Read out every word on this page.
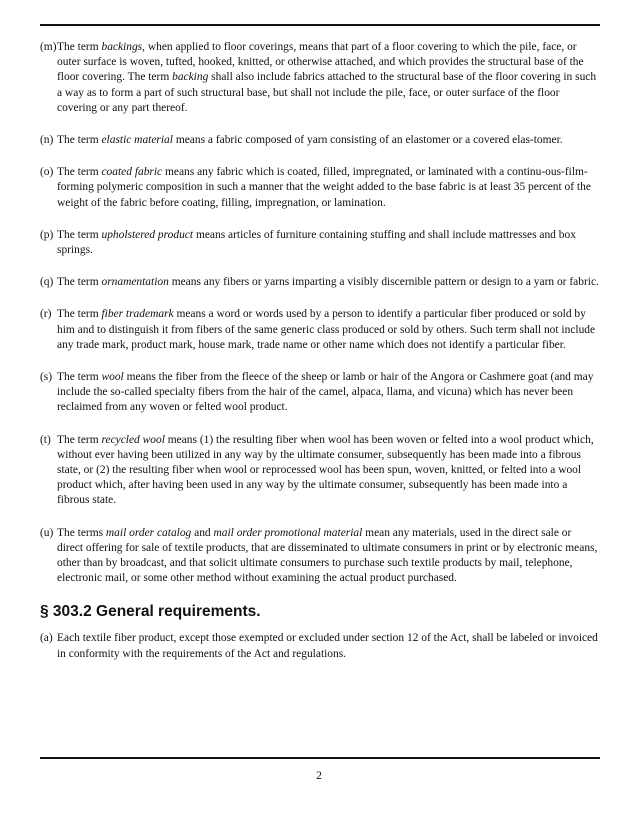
(m)The term backings, when applied to floor coverings, means that part of a floor covering to which the pile, face, or outer surface is woven, tufted, hooked, knitted, or otherwise attached, and which provides the structural base of the floor covering. The term backing shall also include fabrics attached to the structural base of the floor covering in such a way as to form a part of such structural base, but shall not include the pile, face, or outer surface of the floor covering or any part thereof.

(n) The term elastic material means a fabric composed of yarn consisting of an elastomer or a covered elas-tomer.

(o) The term coated fabric means any fabric which is coated, filled, impregnated, or laminated with a continu-ous-film-forming polymeric composition in such a manner that the weight added to the base fabric is at least 35 percent of the weight of the fabric before coating, filling, impregnation, or lamination.

(p) The term upholstered product means articles of furniture containing stuffing and shall include mattresses and box springs.

(q) The term ornamentation means any fibers or yarns imparting a visibly discernible pattern or design to a yarn or fabric.

(r) The term fiber trademark means a word or words used by a person to identify a particular fiber produced or sold by him and to distinguish it from fibers of the same generic class produced or sold by others. Such term shall not include any trade mark, product mark, house mark, trade name or other name which does not identify a particular fiber.

(s) The term wool means the fiber from the fleece of the sheep or lamb or hair of the Angora or Cashmere goat (and may include the so-called specialty fibers from the hair of the camel, alpaca, llama, and vicuna) which has never been reclaimed from any woven or felted wool product.

(t) The term recycled wool means (1) the resulting fiber when wool has been woven or felted into a wool product which, without ever having been utilized in any way by the ultimate consumer, subsequently has been made into a fibrous state, or (2) the resulting fiber when wool or reprocessed wool has been spun, woven, knitted, or felted into a wool product which, after having been used in any way by the ultimate consumer, subsequently has been made into a fibrous state.

(u) The terms mail order catalog and mail order promotional material mean any materials, used in the direct sale or direct offering for sale of textile products, that are disseminated to ultimate consumers in print or by electronic means, other than by broadcast, and that solicit ultimate consumers to purchase such textile products by mail, telephone, electronic mail, or some other method without examining the actual product purchased.

§ 303.2 General requirements.

(a) Each textile fiber product, except those exempted or excluded under section 12 of the Act, shall be labeled or invoiced in conformity with the requirements of the Act and regulations.

2
